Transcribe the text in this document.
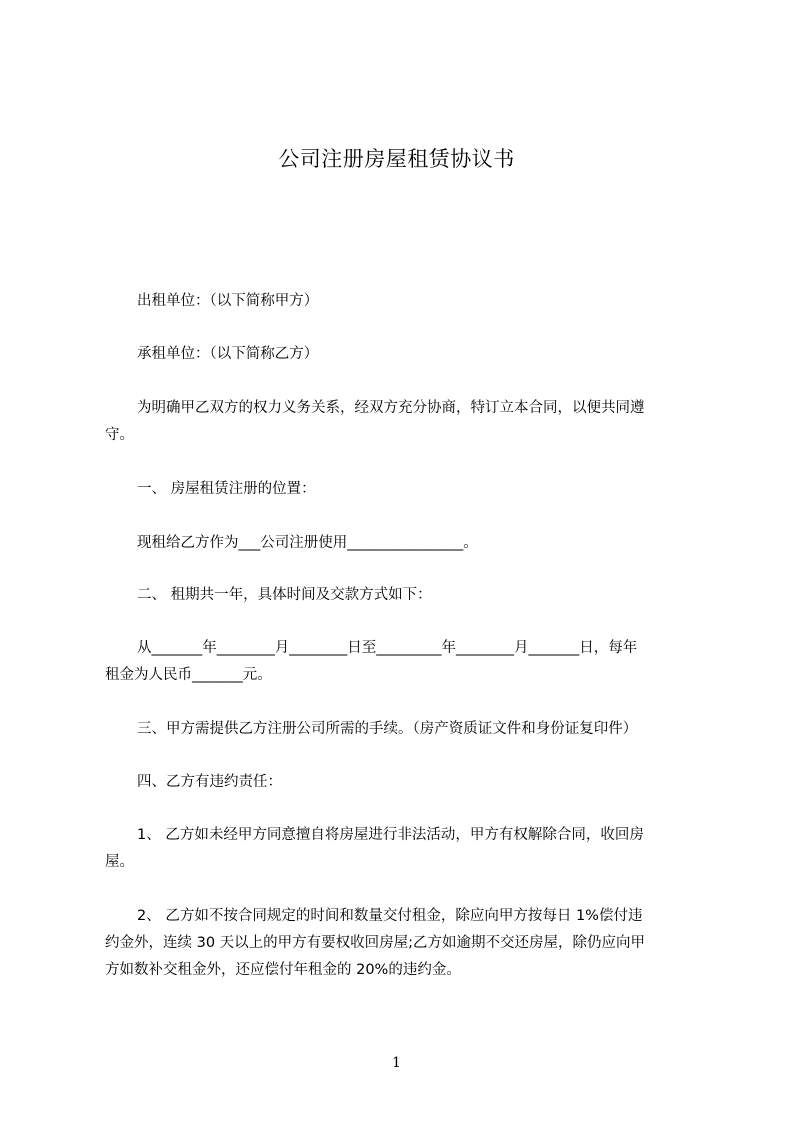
公司注册房屋租赁协议书
出租单位：（以下简称甲方）
承租单位：（以下简称乙方）
为明确甲乙双方的权力义务关系，经双方充分协商，特订立本合同，以便共同遵
守。
一、 房屋租赁注册的位置：
现租给乙方作为___公司注册使用________________。
二、 租期共一年，具体时间及交款方式如下：
从_______年________月________日至_________年________月_______日，每年
租金为人民币_______元。
三、甲方需提供乙方注册公司所需的手续。（房产资质证文件和身份证复印件）
四、乙方有违约责任：
1、 乙方如未经甲方同意擅自将房屋进行非法活动，甲方有权解除合同，收回房
屋。
2、 乙方如不按合同规定的时间和数量交付租金，除应向甲方按每日 1%偿付违
约金外，连续 30 天以上的甲方有要权收回房屋;乙方如逾期不交还房屋，除仍应向甲
方如数补交租金外，还应偿付年租金的 20%的违约金。
1
